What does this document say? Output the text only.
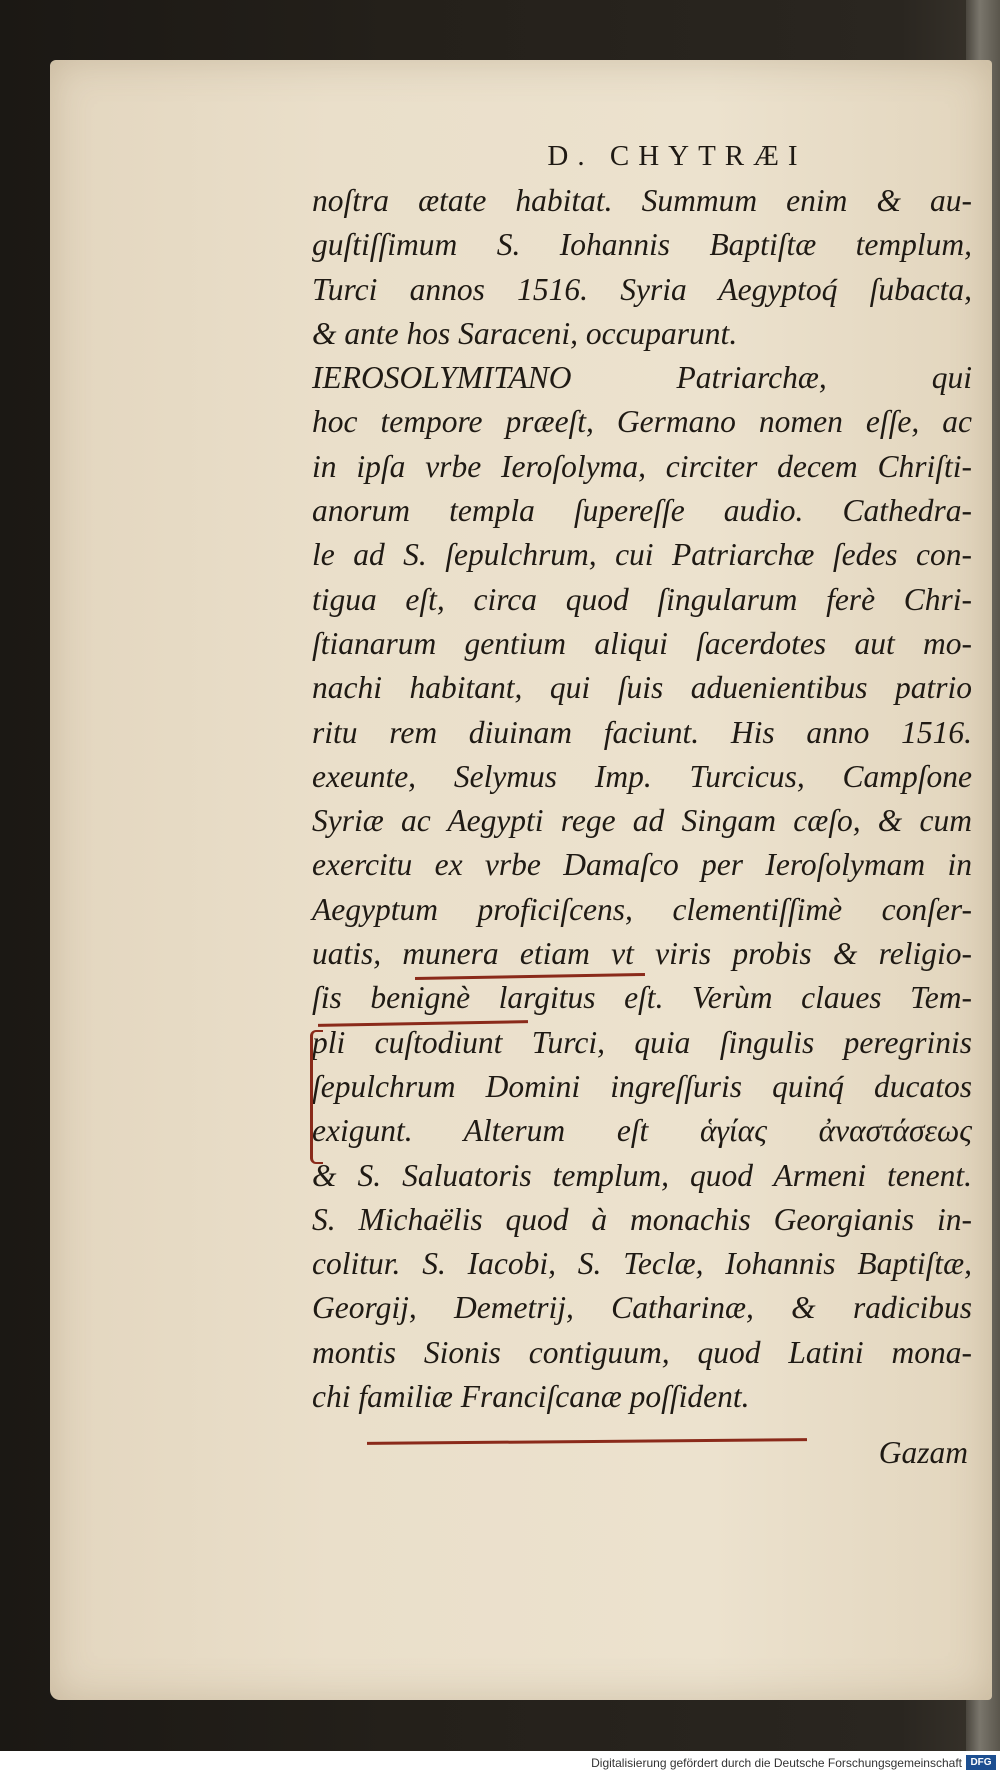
D. CHYTRÆI
noſtra ætate habitat. Summum enim & au-
guſtiſſimum S. Iohannis Baptiſtæ templum,
Turci annos 1516. Syria Aegyptoq́ ſubacta,
& ante hos Saraceni, occuparunt.
IEROSOLYMITANO Patriarchæ, qui
hoc tempore præeſt, Germano nomen eſſe, ac
in ipſa vrbe Ieroſolyma, circiter decem Chriſti-
anorum templa ſupereſſe audio. Cathedra-
le ad S. ſepulchrum, cui Patriarchæ ſedes con-
tigua eſt, circa quod ſingularum ferè Chri-
ſtianarum gentium aliqui ſacerdotes aut mo-
nachi habitant, qui ſuis aduenientibus patrio
ritu rem diuinam faciunt. His anno 1516.
exeunte, Selymus Imp. Turcicus, Campſone
Syriæ ac Aegypti rege ad Singam cæſo, & cum
exercitu ex vrbe Damaſco per Ieroſolymam in
Aegyptum proficiſcens, clementiſſimè conſer-
uatis, munera etiam vt viris probis & religio-
ſis benignè largitus eſt. Verùm claues Tem-
pli cuſtodiunt Turci, quia ſingulis peregrinis
ſepulchrum Domini ingreſſuris quinq́ ducatos
exigunt. Alterum eſt ἁγίας ἀναστάσεως
& S. Saluatoris templum, quod Armeni tenent.
S. Michaëlis quod à monachis Georgianis in-
colitur. S. Iacobi, S. Teclæ, Iohannis Baptiſtæ,
Georgij, Demetrij, Catharinæ, & radicibus
montis Sionis contiguum, quod Latini mona-
chi familiæ Franciſcanæ poſſident.
Gazam
Digitalisierung gefördert durch die Deutsche Forschungsgemeinschaft DFG
